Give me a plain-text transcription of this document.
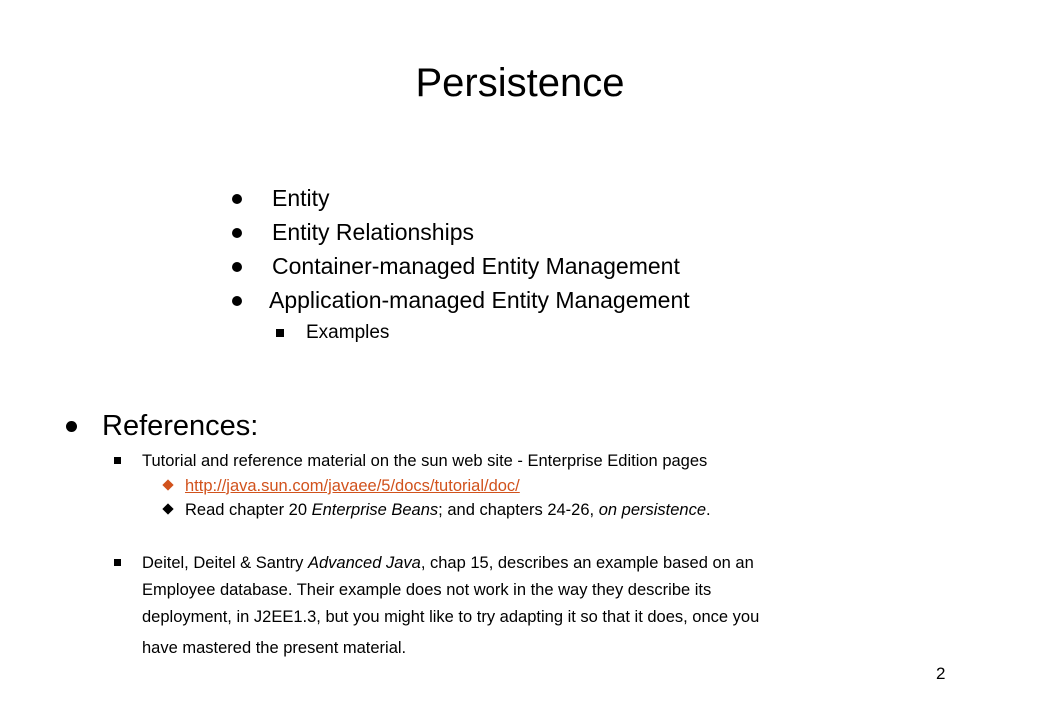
Persistence
Entity
Entity Relationships
Container-managed Entity Management
Application-managed Entity Management
Examples
References:
Tutorial and reference material on the sun web site - Enterprise Edition pages
http://java.sun.com/javaee/5/docs/tutorial/doc/
Read chapter 20 Enterprise Beans; and chapters 24-26, on persistence.
Deitel, Deitel & Santry Advanced Java, chap 15, describes an example based on an
Employee database. Their example does not work in the way they describe its
deployment, in J2EE1.3, but you might like to try adapting it so that it does, once you
have mastered the present material.
2
